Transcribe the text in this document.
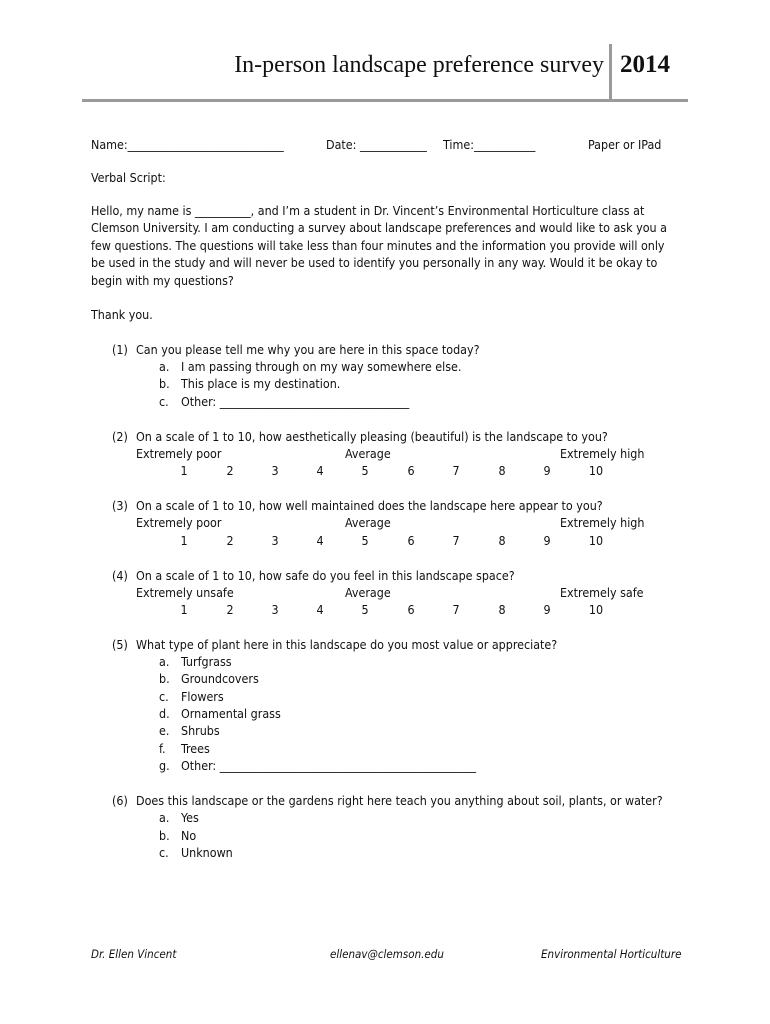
In-person landscape preference survey 2014
Name:____________________________	Date: ____________ Time:___________	Paper or IPad
Verbal Script:
Hello, my name is __________, and I’m a student in Dr. Vincent’s Environmental Horticulture class at
Clemson University. I am conducting a survey about landscape preferences and would like to ask you a
few questions. The questions will take less than four minutes and the information you provide will only
be used in the study and will never be used to identify you personally in any way. Would it be okay to
begin with my questions?
Thank you.
(1) Can you please tell me why you are here in this space today?
a. I am passing through on my way somewhere else.
b. This place is my destination.
c. Other: __________________________________
(2) On a scale of 1 to 10, how aesthetically pleasing (beautiful) is the landscape to you?
Extremely poor	Average	Extremely high
1	2	3	4	5	6	7	8	9	10
(3) On a scale of 1 to 10, how well maintained does the landscape here appear to you?
Extremely poor	Average	Extremely high
1	2	3	4	5	6	7	8	9	10
(4) On a scale of 1 to 10, how safe do you feel in this landscape space?
Extremely unsafe	Average	Extremely safe
1	2	3	4	5	6	7	8	9	10
(5) What type of plant here in this landscape do you most value or appreciate?
a. Turfgrass
b. Groundcovers
c. Flowers
d. Ornamental grass
e. Shrubs
f. Trees
g. Other: ______________________________________________
(6) Does this landscape or the gardens right here teach you anything about soil, plants, or water?
a. Yes
b. No
c. Unknown
Dr. Ellen Vincent	ellenav@clemson.edu	Environmental Horticulture
